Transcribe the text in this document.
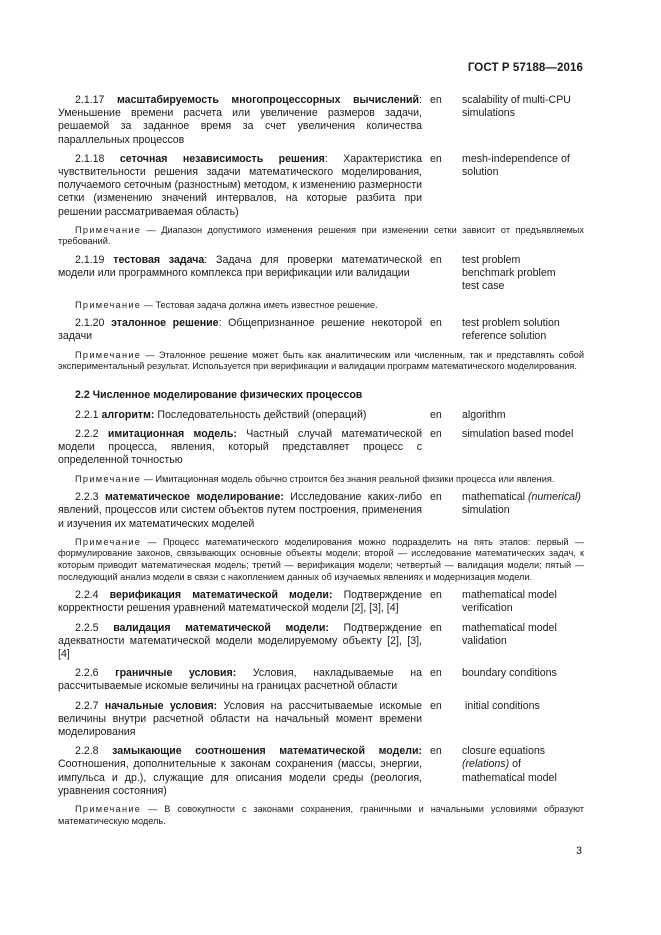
ГОСТ Р 57188—2016
2.1.17 масштабируемость многопроцессорных вычислений: Уменьшение времени расчета или увеличение размеров задачи, решаемой за заданное время за счет увеличения количества параллельных процессов
en	scalability of multi-CPU
simulations
2.1.18 сеточная независимость решения: Характеристика чувствительности решения задачи математического моделирования, получаемого сеточным (разностным) методом, к изменению размерности сетки (изменению значений интервалов, на которые разбита при решении рассматриваемая область)
en	mesh-independence of
solution
Примечание — Диапазон допустимого изменения решения при изменении сетки зависит от предъявляемых требований.
2.1.19 тестовая задача: Задача для проверки математической модели или программного комплекса при верификации или валидации
en	test problem
benchmark problem
test case
Примечание — Тестовая задача должна иметь известное решение.
2.1.20 эталонное решение: Общепризнанное решение некоторой задачи
en	test problem solution
reference solution
Примечание — Эталонное решение может быть как аналитическим или численным, так и представлять собой экспериментальный результат. Используется при верификации и валидации программ математического моделирования.
2.2 Численное моделирование физических процессов
2.2.1 алгоритм: Последовательность действий (операций)	en	algorithm
2.2.2 имитационная модель: Частный случай математической модели процесса, явления, который представляет процесс с определенной точностью
en	simulation based model
Примечание — Имитационная модель обычно строится без знания реальной физики процесса или явления.
2.2.3 математическое моделирование: Исследование каких-либо явлений, процессов или систем объектов путем построения, применения и изучения их математических моделей
en	mathematical (numerical)
simulation
Примечание — Процесс математического моделирования можно подразделить на пять этапов: первый — формулирование законов, связывающих основные объекты модели; второй — исследование математических задач, к которым приводит математическая модель; третий — верификация модели; четвертый — валидация модели; пятый — последующий анализ модели в связи с накоплением данных об изучаемых явлениях и модернизация модели.
2.2.4 верификация математической модели: Подтверждение корректности решения уравнений математической модели [2], [3], [4]
en	mathematical model
verification
2.2.5 валидация математической модели: Подтверждение адекватности математической модели моделируемому объекту [2], [3], [4]
en	mathematical model
validation
2.2.6 граничные условия: Условия, накладываемые на рассчитываемые искомые величины на границах расчетной области
en	boundary conditions
2.2.7 начальные условия: Условия на рассчитываемые искомые величины внутри расчетной области на начальный момент времени моделирования
en	initial conditions
2.2.8 замыкающие соотношения математической модели: Соотношения, дополнительные к законам сохранения (массы, энергии, импульса и др.), служащие для описания модели среды (реология, уравнения состояния)
en	closure equations
(relations) of
mathematical model
Примечание — В совокупности с законами сохранения, граничными и начальными условиями образуют математическую модель.
3
